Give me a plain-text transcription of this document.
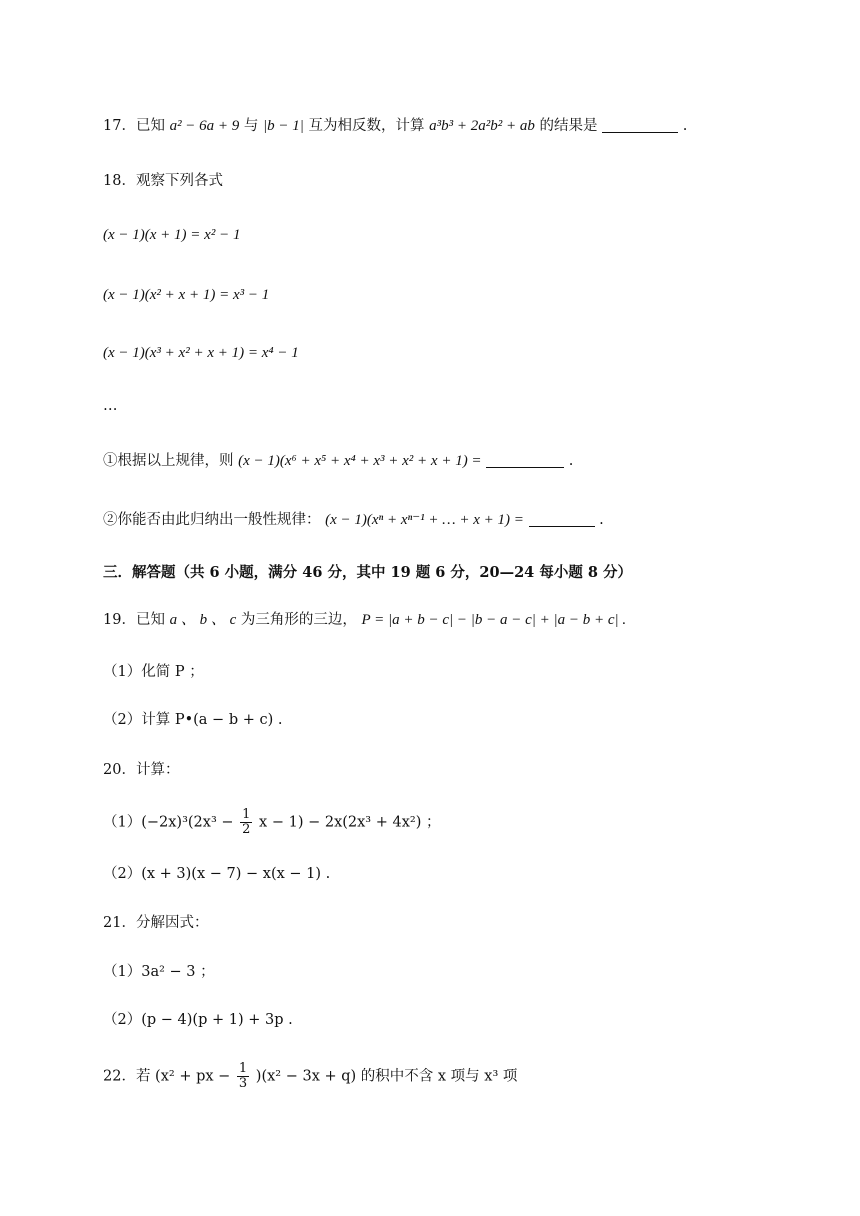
17．已知 a² − 6a + 9 与 |b − 1| 互为相反数，计算 a³b³ + 2a²b² + ab 的结果是	.
18．观察下列各式
(x − 1)(x + 1) = x² − 1
(x − 1)(x² + x + 1) = x³ − 1
(x − 1)(x³ + x² + x + 1) = x⁴ − 1
…
①根据以上规律，则 (x − 1)(x⁶ + x⁵ + x⁴ + x³ + x² + x + 1) =	.
②你能否由此归纳出一般性规律： (x − 1)(xⁿ + xⁿ⁻¹ + … + x + 1) =	.
三．解答题（共 6 小题，满分 46 分，其中 19 题 6 分，20—24 每小题 8 分）
19．已知 a 、 b 、 c 为三角形的三边， P = |a + b − c| − |b − a − c| + |a − b + c| .
（1）化简 P ；
（2）计算 P•(a − b + c) .
20．计算：
$(1)(-2x)^3(2x^3 - \frac{1}{2}$ x − 1) − 2x(2x³ + 4x²) ；
（2）(x + 3)(x − 7) − x(x − 1) .
21．分解因式：
（1）3a² − 3 ；
（2）(p − 4)(p + 1) + 3p .
22．若 (x² + px − $\frac{1}{3} )(x^2 - 3x + q)$ 的积中不含 x 项与 x³ 项
